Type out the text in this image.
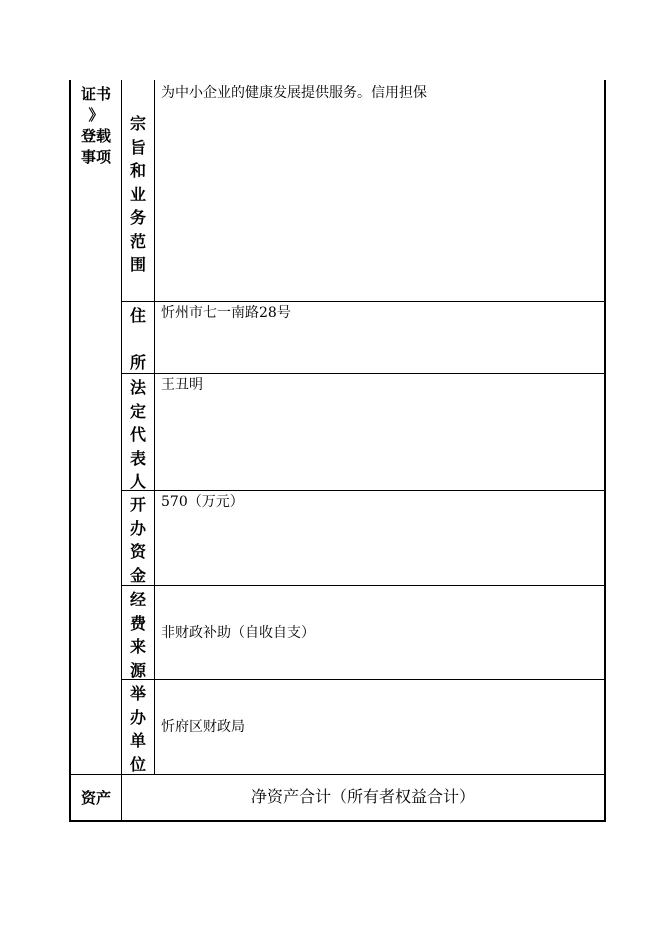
证书
》
登载
事项
宗
旨
和
业
务
范
围
为中小企业的健康发展提供服务。信用担保
住
所
忻州市七一南路28号
法
定
代
表
人
王丑明
开
办
资
金
570（万元）
经
费
来
源
非财政补助（自收自支）
举
办
单
位
忻府区财政局
资产	净资产合计（所有者权益合计）
